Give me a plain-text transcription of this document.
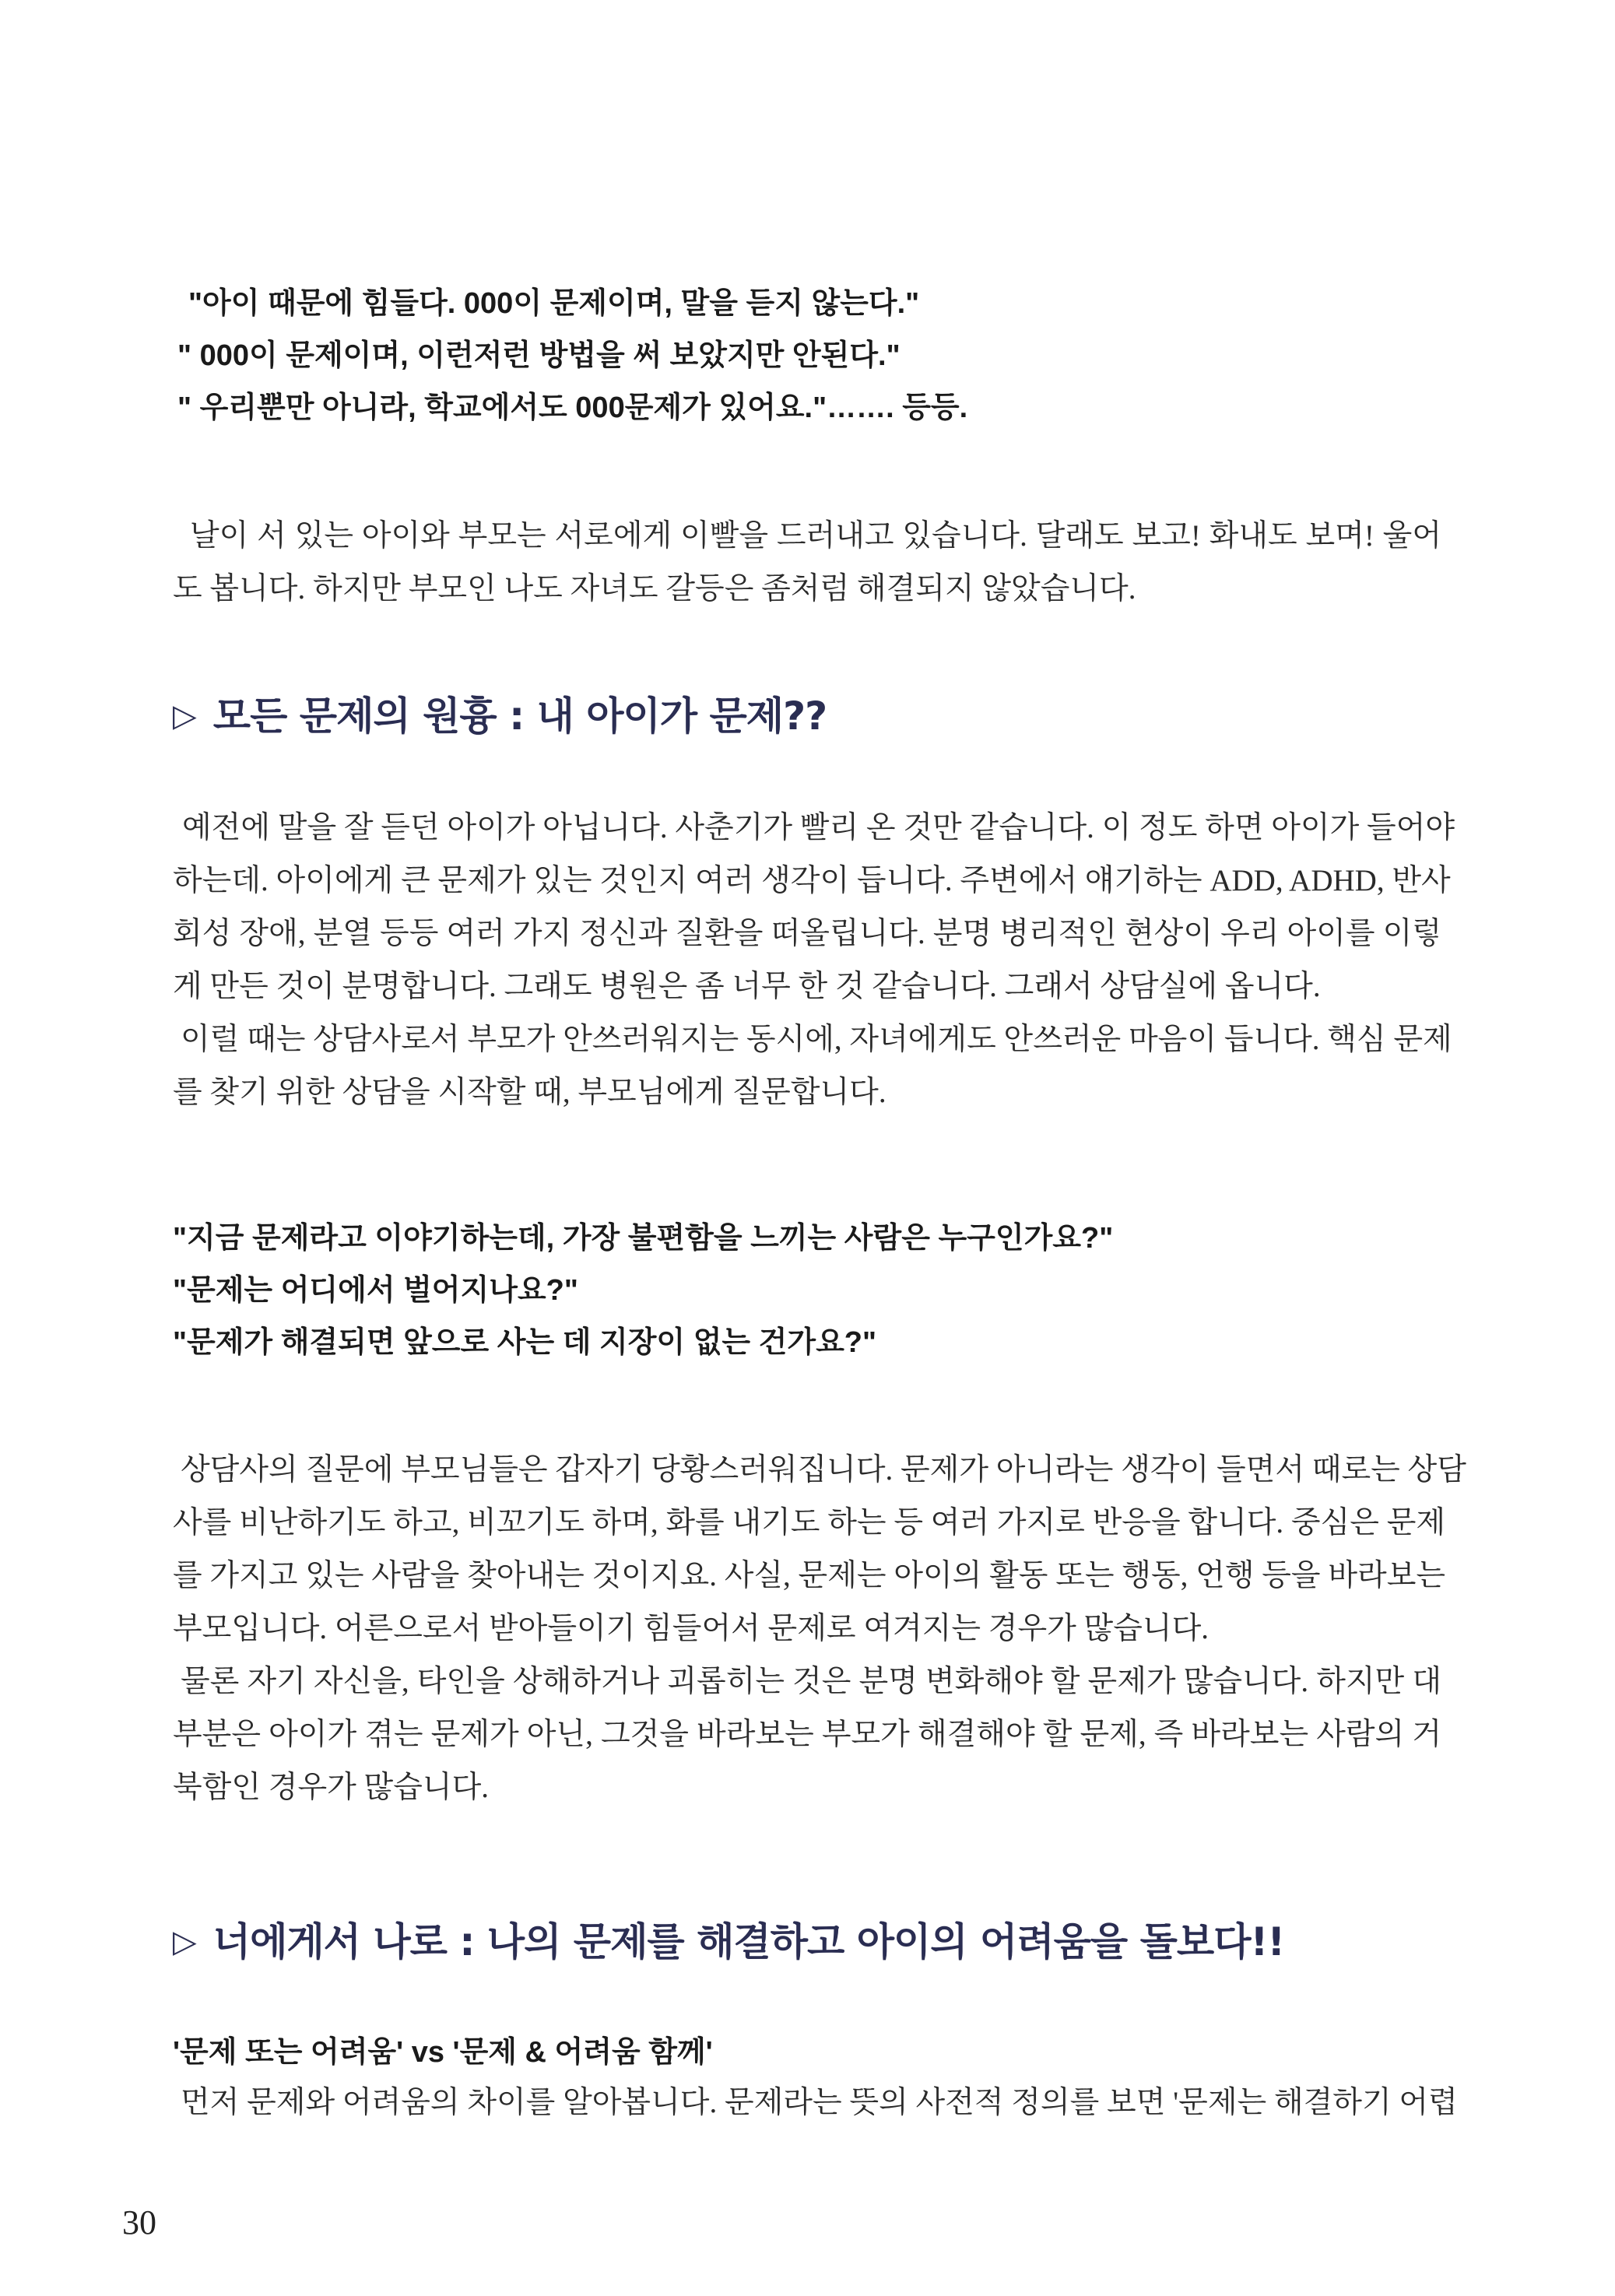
"아이 때문에 힘들다. 000이 문제이며, 말을 듣지 않는다."
" 000이 문제이며, 이런저런 방법을 써 보았지만 안된다."
" 우리뿐만 아니라, 학교에서도 000문제가 있어요."……. 등등.
날이 서 있는 아이와 부모는 서로에게 이빨을 드러내고 있습니다. 달래도 보고! 화내도 보며! 울어
도 봅니다. 하지만 부모인 나도 자녀도 갈등은 좀처럼 해결되지 않았습니다.
▷ 모든 문제의 원흉 : 내 아이가 문제??
예전에 말을 잘 듣던 아이가 아닙니다. 사춘기가 빨리 온 것만 같습니다. 이 정도 하면 아이가 들어야
하는데. 아이에게 큰 문제가 있는 것인지 여러 생각이 듭니다. 주변에서 얘기하는 ADD, ADHD, 반사
회성 장애, 분열 등등 여러 가지 정신과 질환을 떠올립니다. 분명 병리적인 현상이 우리 아이를 이렇
게 만든 것이 분명합니다. 그래도 병원은 좀 너무 한 것 같습니다. 그래서 상담실에 옵니다.
이럴 때는 상담사로서 부모가 안쓰러워지는 동시에, 자녀에게도 안쓰러운 마음이 듭니다. 핵심 문제
를 찾기 위한 상담을 시작할 때, 부모님에게 질문합니다.
"지금 문제라고 이야기하는데, 가장 불편함을 느끼는 사람은 누구인가요?"
"문제는 어디에서 벌어지나요?"
"문제가 해결되면 앞으로 사는 데 지장이 없는 건가요?"
상담사의 질문에 부모님들은 갑자기 당황스러워집니다. 문제가 아니라는 생각이 들면서 때로는 상담
사를 비난하기도 하고, 비꼬기도 하며, 화를 내기도 하는 등 여러 가지로 반응을 합니다. 중심은 문제
를 가지고 있는 사람을 찾아내는 것이지요. 사실, 문제는 아이의 활동 또는 행동, 언행 등을 바라보는
부모입니다. 어른으로서 받아들이기 힘들어서 문제로 여겨지는 경우가 많습니다.
물론 자기 자신을, 타인을 상해하거나 괴롭히는 것은 분명 변화해야 할 문제가 많습니다. 하지만 대
부분은 아이가 겪는 문제가 아닌, 그것을 바라보는 부모가 해결해야 할 문제, 즉 바라보는 사람의 거
북함인 경우가 많습니다.
▷ 너에게서 나로 : 나의 문제를 해결하고 아이의 어려움을 돌보다!!
'문제 또는 어려움' vs '문제 & 어려움 함께'
먼저 문제와 어려움의 차이를 알아봅니다. 문제라는 뜻의 사전적 정의를 보면 '문제는 해결하기 어렵
30
